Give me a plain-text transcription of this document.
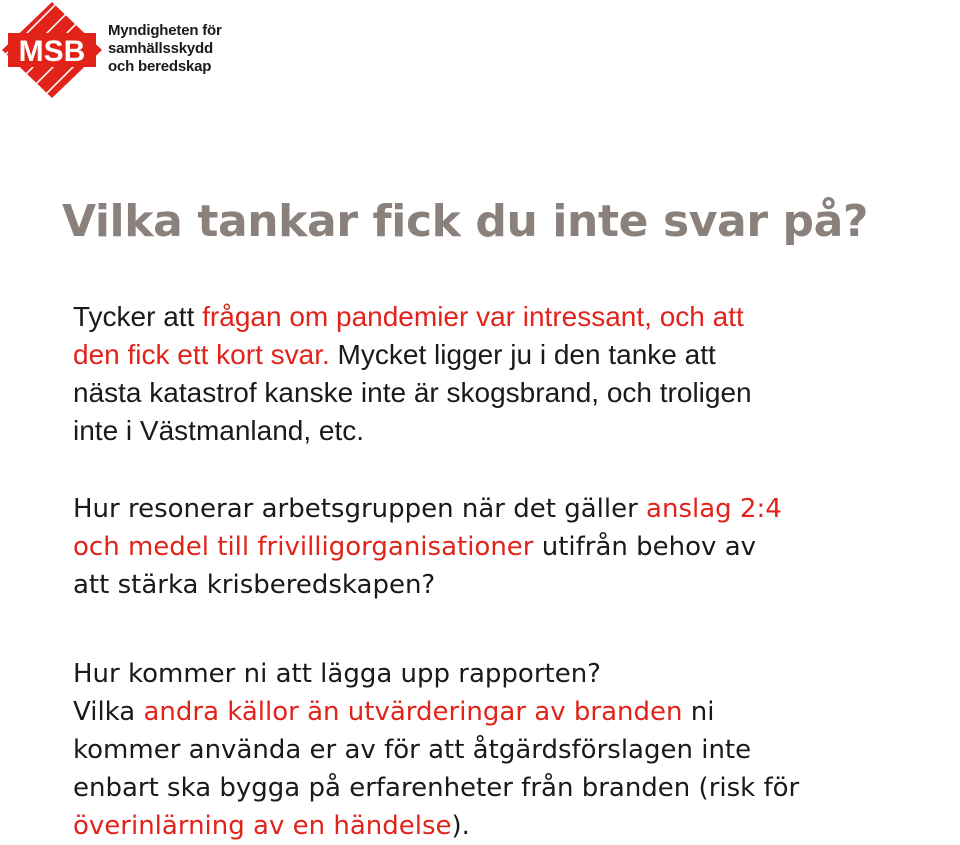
MSB
Myndigheten för
samhällsskydd
och beredskap
Vilka tankar fick du inte svar på?
Tycker att frågan om pandemier var intressant, och att
den fick ett kort svar. Mycket ligger ju i den tanke att
nästa katastrof kanske inte är skogsbrand, och troligen
inte i Västmanland, etc.
Hur resonerar arbetsgruppen när det gäller anslag 2:4
och medel till frivilligorganisationer utifrån behov av
att stärka krisberedskapen?
Hur kommer ni att lägga upp rapporten?
Vilka andra källor än utvärderingar av branden ni
kommer använda er av för att åtgärdsförslagen inte
enbart ska bygga på erfarenheter från branden (risk för
överinlärning av en händelse).
